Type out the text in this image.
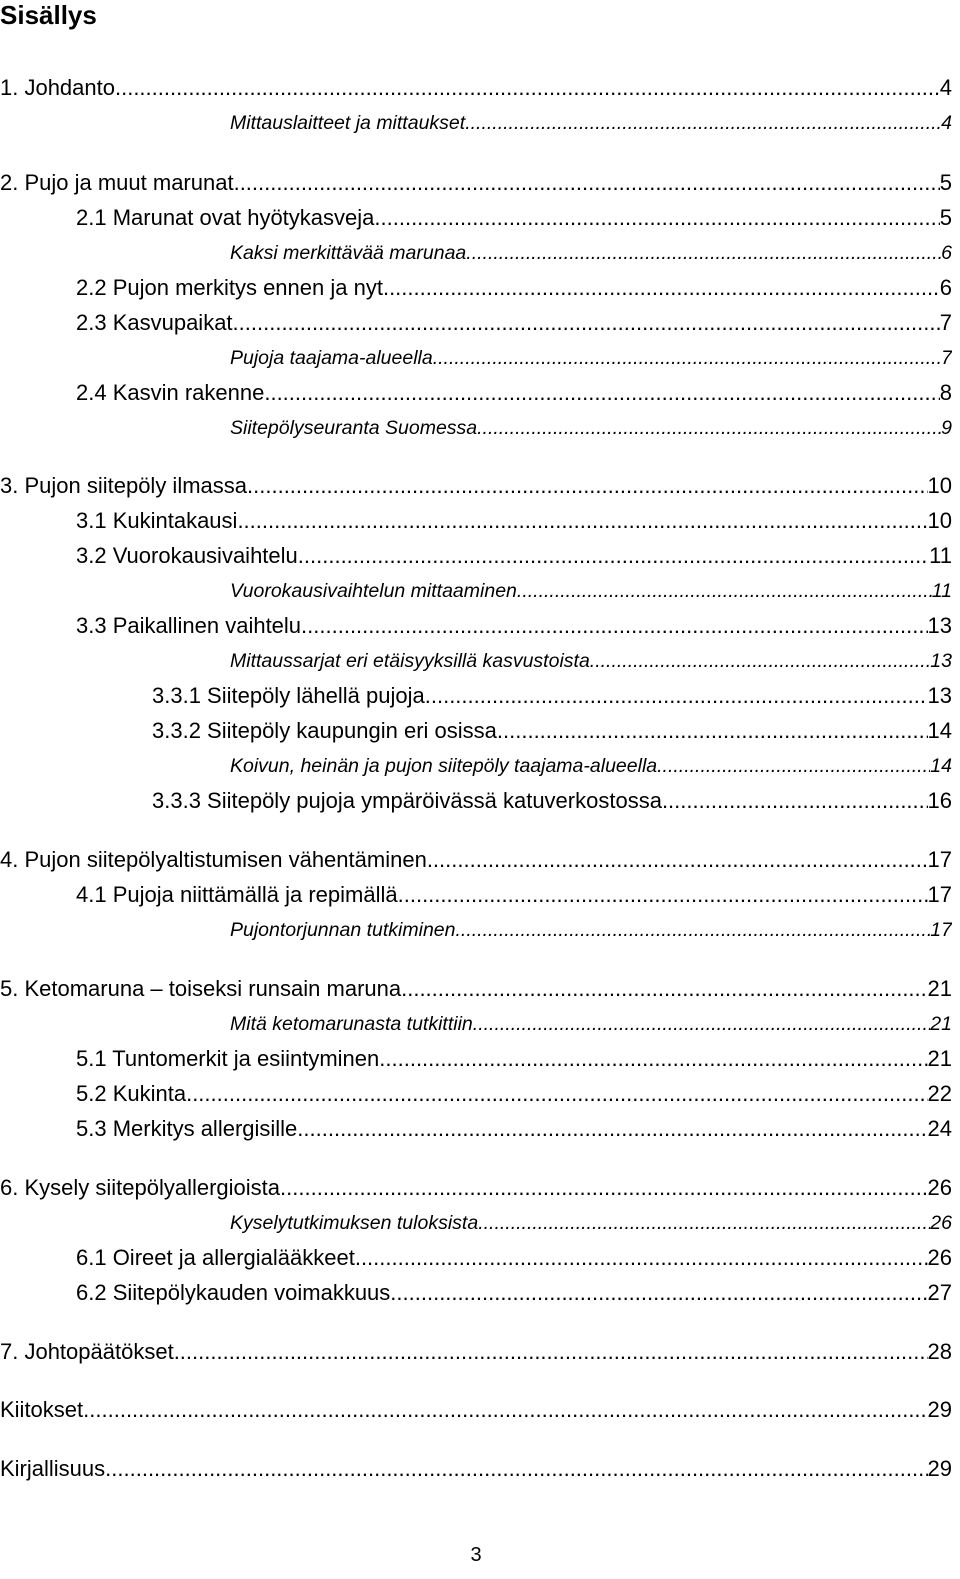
Sisällys
1. Johdanto .....	4
Mittauslaitteet ja mittaukset .....	4
2. Pujo ja muut marunat .....	5
2.1 Marunat ovat hyötykasveja .....	5
Kaksi merkittävää marunaa .....	6
2.2 Pujon merkitys ennen ja nyt .....	6
2.3 Kasvupaikat .....	7
Pujoja taajama-alueella .....	7
2.4 Kasvin rakenne .....	8
Siitepölyseuranta Suomessa .....	9
3. Pujon siitepöly ilmassa .....	10
3.1 Kukintakausi .....	10
3.2 Vuorokausivaihtelu .....	11
Vuorokausivaihtelun mittaaminen .....	11
3.3 Paikallinen vaihtelu .....	13
Mittaussarjat eri etäisyyksillä kasvustoista .....	13
3.3.1 Siitepöly lähellä pujoja .....	13
3.3.2 Siitepöly kaupungin eri osissa .....	14
Koivun, heinän ja pujon siitepöly taajama-alueella .....	14
3.3.3 Siitepöly pujoja ympäröivässä katuverkostossa .....	16
4. Pujon siitepölyaltistumisen vähentäminen .....	17
4.1 Pujoja niittämällä ja repimällä .....	17
Pujontorjunnan tutkiminen .....	17
5. Ketomaruna – toiseksi runsain maruna .....	21
Mitä ketomarunasta tutkittiin .....	21
5.1 Tuntomerkit ja esiintyminen .....	21
5.2 Kukinta .....	22
5.3 Merkitys allergisille .....	24
6. Kysely siitepölyallergioista .....	26
Kyselytutkimuksen tuloksista .....	26
6.1 Oireet ja allergialääkkeet .....	26
6.2 Siitepölykauden voimakkuus .....	27
7. Johtopäätökset .....	28
Kiitokset .....	29
Kirjallisuus .....	29
3
